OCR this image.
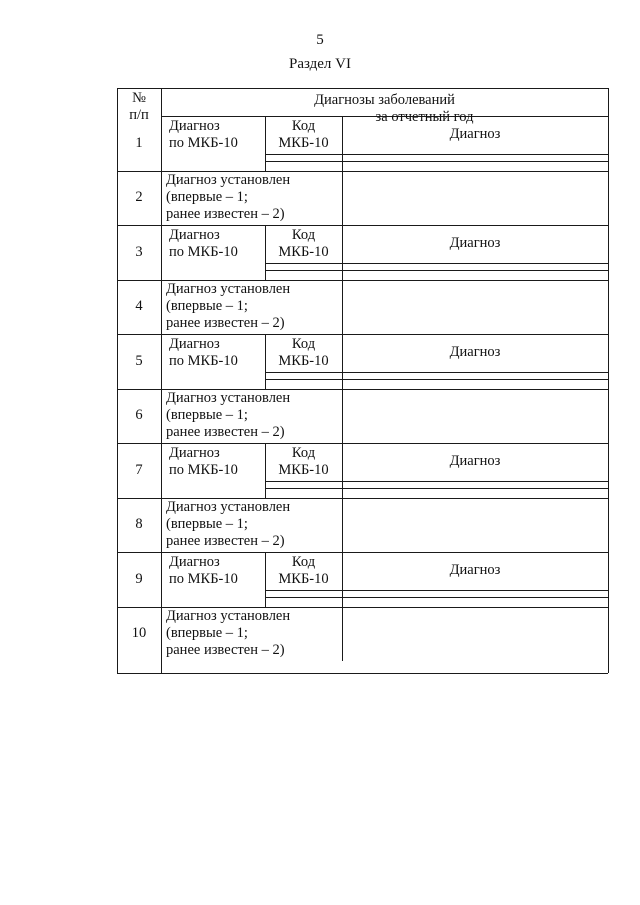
5
Раздел VI
№
п/п
Диагнозы заболеваний
за отчетный год
1
Диагноз
по МКБ-10
Код
МКБ-10
Диагноз
2
Диагноз установлен
(впервые – 1;
ранее известен – 2)
3
Диагноз
по МКБ-10
Код
МКБ-10
Диагноз
4
Диагноз установлен
(впервые – 1;
ранее известен – 2)
5
Диагноз
по МКБ-10
Код
МКБ-10
Диагноз
6
Диагноз установлен
(впервые – 1;
ранее известен – 2)
7
Диагноз
по МКБ-10
Код
МКБ-10
Диагноз
8
Диагноз установлен
(впервые – 1;
ранее известен – 2)
9
Диагноз
по МКБ-10
Код
МКБ-10
Диагноз
10
Диагноз установлен
(впервые – 1;
ранее известен – 2)
